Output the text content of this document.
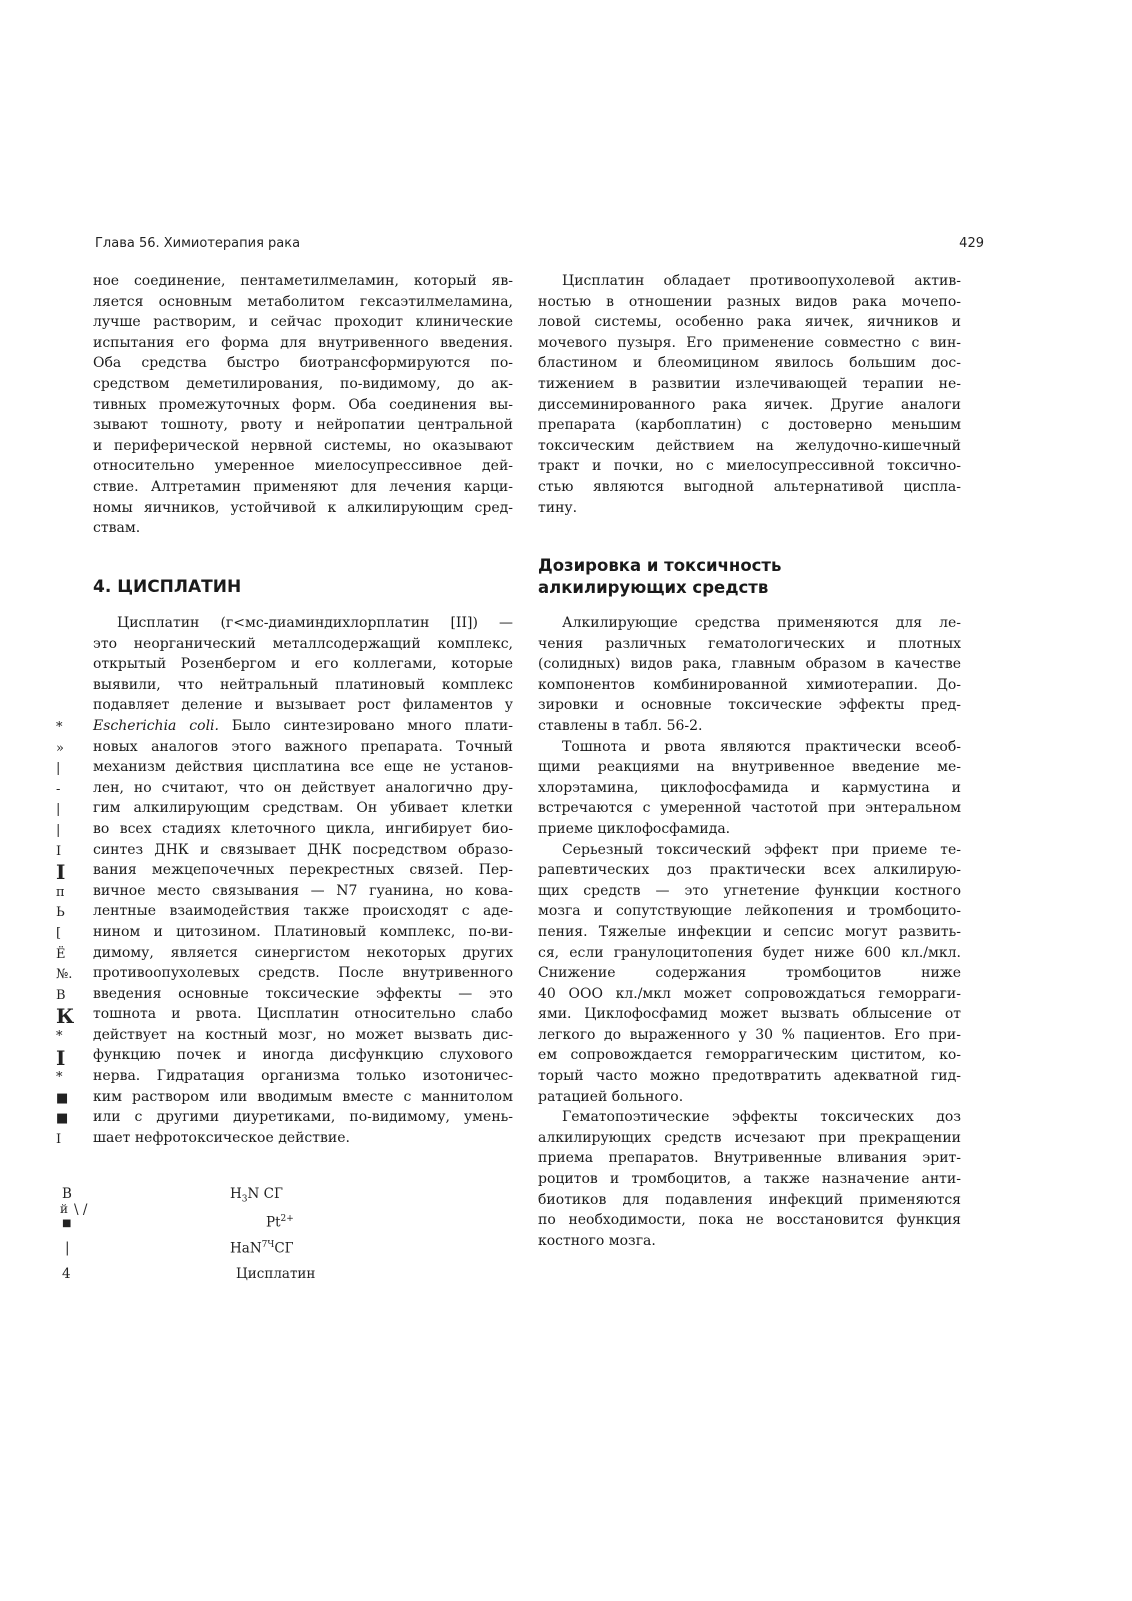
Глава 56. Химиотерапия рака	429

ное соединение, пентаметилмеламин, который яв-
ляется основным метаболитом гексаэтилмеламина,
лучше растворим, и сейчас проходит клинические
испытания его форма для внутривенного введения.
Оба средства быстро биотрансформируются по-
средством деметилирования, по-видимому, до ак-
тивных промежуточных форм. Оба соединения вы-
зывают тошноту, рвоту и нейропатии центральной
и периферической нервной системы, но оказывают
относительно умеренное миелосупрессивное дей-
ствие. Алтретамин применяют для лечения карци-
номы яичников, устойчивой к алкилирующим сред-
ствам.

4. ЦИСПЛАТИН

Цисплатин (г<мс-диаминдихлорплатин [II]) —
это неорганический металлсодержащий комплекс,
открытый Розенбергом и его коллегами, которые
выявили, что нейтральный платиновый комплекс
подавляет деление и вызывает рост филаментов у
Escherichia coli. Было синтезировано много плати-
новых аналогов этого важного препарата. Точный
механизм действия цисплатина все еще не установ-
лен, но считают, что он действует аналогично дру-
гим алкилирующим средствам. Он убивает клетки
во всех стадиях клеточного цикла, ингибирует био-
синтез ДНК и связывает ДНК посредством образо-
вания межцепочечных перекрестных связей. Пер-
вичное место связывания — N7 гуанина, но кова-
лентные взаимодействия также происходят с аде-
нином и цитозином. Платиновый комплекс, по-ви-
димому, является синергистом некоторых других
противоопухолевых средств. После внутривенного
введения основные токсические эффекты — это
тошнота и рвота. Цисплатин относительно слабо
действует на костный мозг, но может вызвать дис-
функцию почек и иногда дисфункцию слухового
нерва. Гидратация организма только изотоничес-
ким раствором или вводимым вместе с маннитолом
или с другими диуретиками, по-видимому, умень-
шает нефротоксическое действие.

*
»
|
-
|
|
I
I
п
Ь
[
Ё
№.
В
К
*
I
*
■
■
I
В
й \ /
■
|
4
$H_3N$ СГ
$Pt^{2+}$
HaN$^{7Ч}$СГ
Цисплатин

Цисплатин обладает противоопухолевой актив-
ностью в отношении разных видов рака мочепо-
ловой системы, особенно рака яичек, яичников и
мочевого пузыря. Его применение совместно с вин-
бластином и блеомицином явилось большим дос-
тижением в развитии излечивающей терапии не-
диссеминированного рака яичек. Другие аналоги
препарата (карбоплатин) с достоверно меньшим
токсическим действием на желудочно-кишечный
тракт и почки, но с миелосупрессивной токсично-
стью являются выгодной альтернативой циспла-
тину.

Дозировка и токсичность
алкилирующих средств

Алкилирующие средства применяются для ле-
чения различных гематологических и плотных
(солидных) видов рака, главным образом в качестве
компонентов комбинированной химиотерапии. До-
зировки и основные токсические эффекты пред-
ставлены в табл. 56-2.

Тошнота и рвота являются практически всеоб-
щими реакциями на внутривенное введение ме-
хлорэтамина, циклофосфамида и кармустина и
встречаются с умеренной частотой при энтеральном
приеме циклофосфамида.

Серьезный токсический эффект при приеме те-
рапевтических доз практически всех алкилирую-
щих средств — это угнетение функции костного
мозга и сопутствующие лейкопения и тромбоцито-
пения. Тяжелые инфекции и сепсис могут развить-
ся, если гранулоцитопения будет ниже 600 кл./мкл.
Снижение содержания тромбоцитов ниже
40 ООО кл./мкл может сопровождаться геморраги-
ями. Циклофосфамид может вызвать облысение от
легкого до выраженного у 30 % пациентов. Его при-
ем сопровождается геморрагическим циститом, ко-
торый часто можно предотвратить адекватной гид-
ратацией больного.

Гематопоэтические эффекты токсических доз
алкилирующих средств исчезают при прекращении
приема препаратов. Внутривенные вливания эрит-
роцитов и тромбоцитов, а также назначение анти-
биотиков для подавления инфекций применяются
по необходимости, пока не восстановится функция
костного мозга.
